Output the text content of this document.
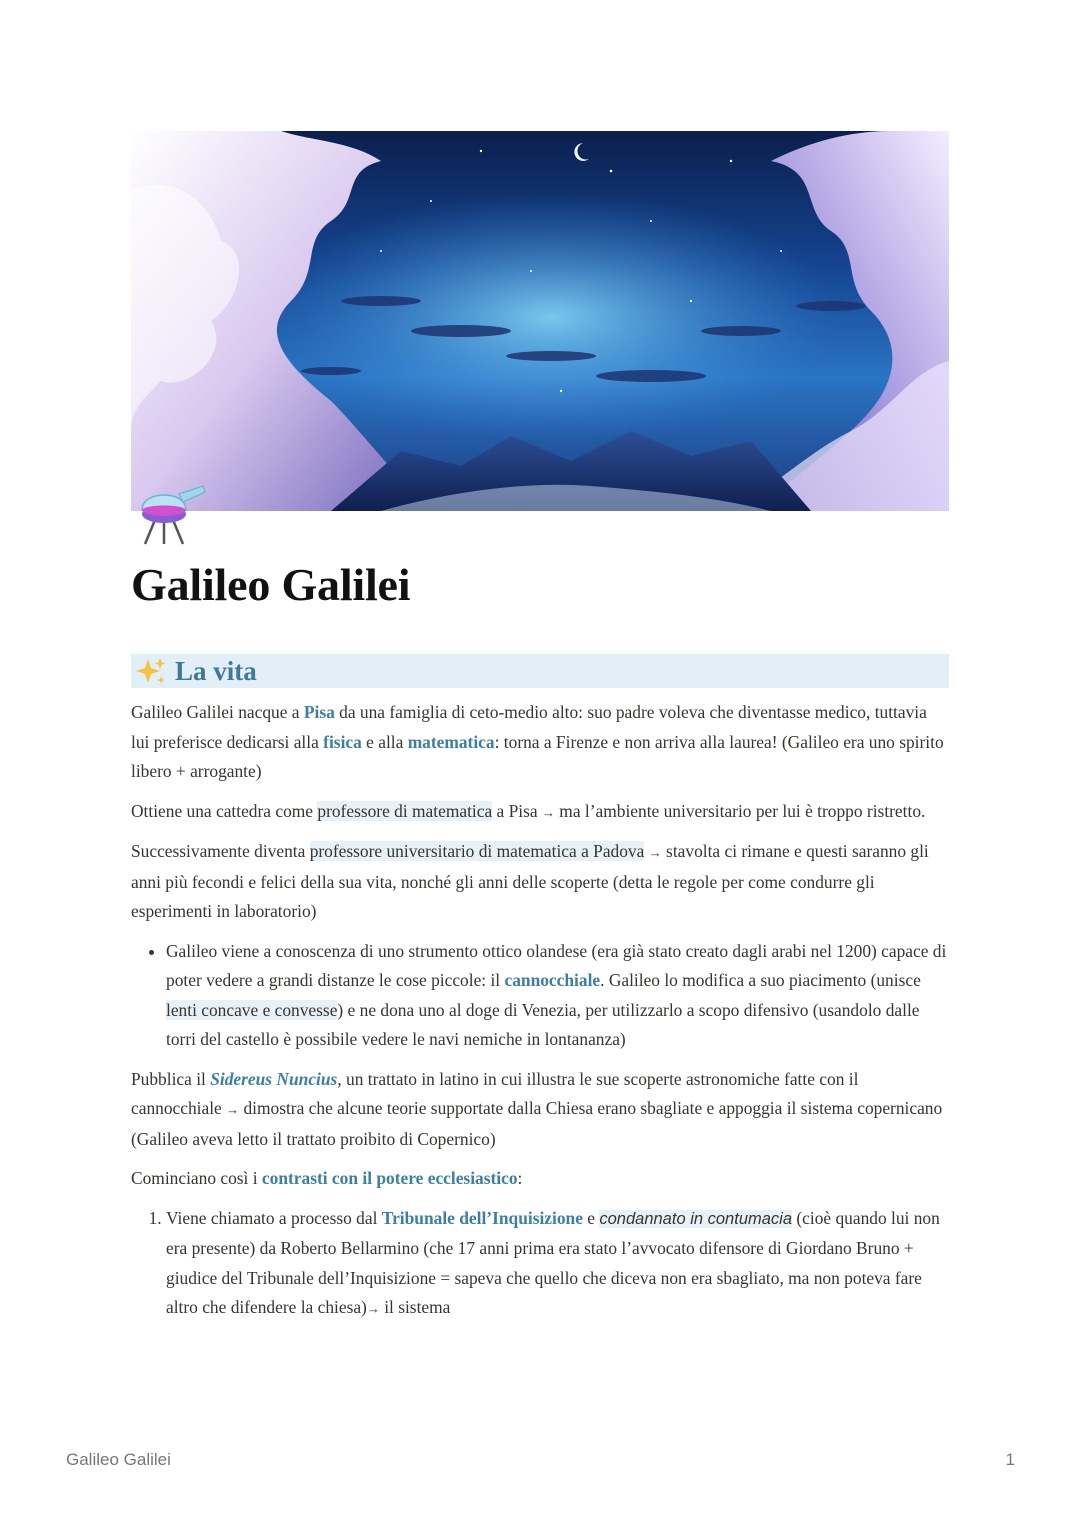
Galileo Galilei
La vita

Galileo Galilei nacque a Pisa da una famiglia di ceto-medio alto: suo padre voleva che diventasse medico, tuttavia lui preferisce dedicarsi alla fisica e alla matematica: torna a Firenze e non arriva alla laurea! (Galileo era uno spirito libero + arrogante)

Ottiene una cattedra come professore di matematica a Pisa → ma l’ambiente universitario per lui è troppo ristretto.

Successivamente diventa professore universitario di matematica a Padova → stavolta ci rimane e questi saranno gli anni più fecondi e felici della sua vita, nonché gli anni delle scoperte (detta le regole per come condurre gli esperimenti in laboratorio)

• Galileo viene a conoscenza di uno strumento ottico olandese (era già stato creato dagli arabi nel 1200) capace di poter vedere a grandi distanze le cose piccole: il cannocchiale. Galileo lo modifica a suo piacimento (unisce lenti concave e convesse) e ne dona uno al doge di Venezia, per utilizzarlo a scopo difensivo (usandolo dalle torri del castello è possibile vedere le navi nemiche in lontananza)

Pubblica il Sidereus Nuncius, un trattato in latino in cui illustra le sue scoperte astronomiche fatte con il cannocchiale → dimostra che alcune teorie supportate dalla Chiesa erano sbagliate e appoggia il sistema copernicano (Galileo aveva letto il trattato proibito di Copernico)

Cominciano così i contrasti con il potere ecclesiastico:

1. Viene chiamato a processo dal Tribunale dell’Inquisizione e condannato in contumacia (cioè quando lui non era presente) da Roberto Bellarmino (che 17 anni prima era stato l’avvocato difensore di Giordano Bruno + giudice del Tribunale dell’Inquisizione = sapeva che quello che diceva non era sbagliato, ma non poteva fare altro che difendere la chiesa)→ il sistema
Galileo Galilei	1
